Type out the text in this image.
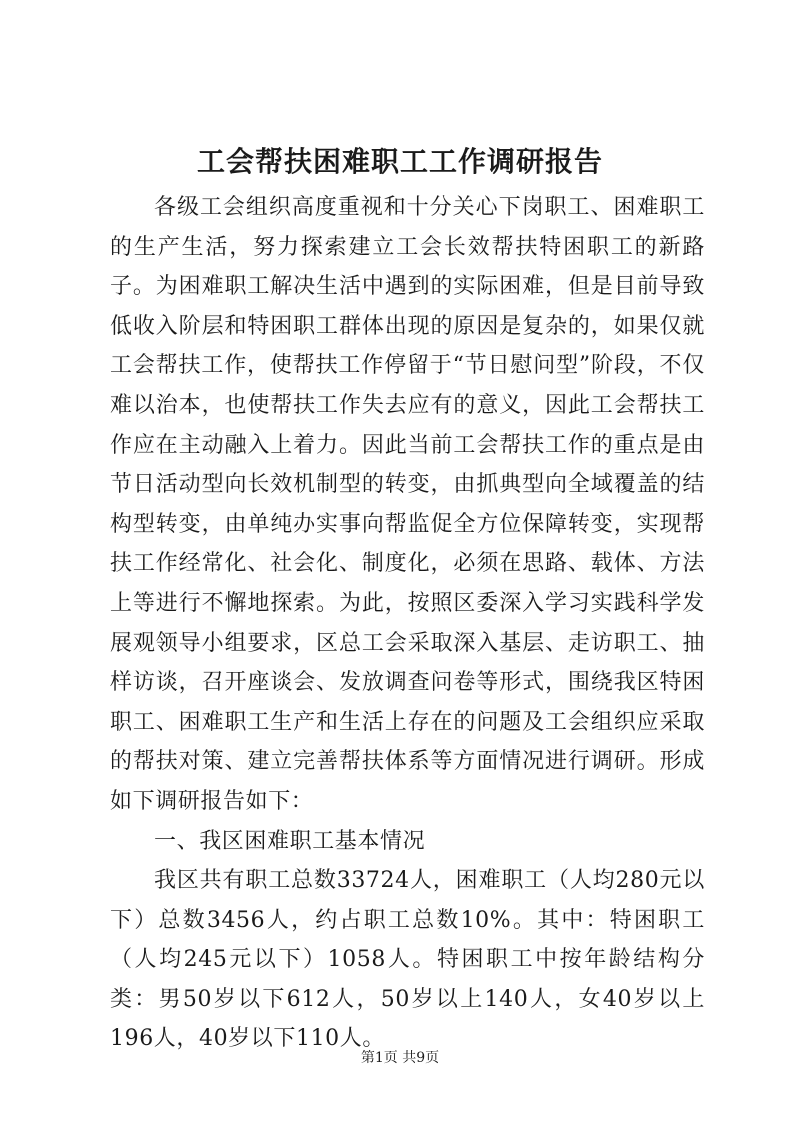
工会帮扶困难职工工作调研报告

各级工会组织高度重视和十分关心下岗职工、困难职工的生产生活，努力探索建立工会长效帮扶特困职工的新路子。为困难职工解决生活中遇到的实际困难，但是目前导致低收入阶层和特困职工群体出现的原因是复杂的，如果仅就工会帮扶工作，使帮扶工作停留于“节日慰问型”阶段，不仅难以治本，也使帮扶工作失去应有的意义，因此工会帮扶工作应在主动融入上着力。因此当前工会帮扶工作的重点是由节日活动型向长效机制型的转变，由抓典型向全域覆盖的结构型转变，由单纯办实事向帮监促全方位保障转变，实现帮扶工作经常化、社会化、制度化，必须在思路、载体、方法上等进行不懈地探索。为此，按照区委深入学习实践科学发展观领导小组要求，区总工会采取深入基层、走访职工、抽样访谈，召开座谈会、发放调查问卷等形式，围绕我区特困职工、困难职工生产和生活上存在的问题及工会组织应采取的帮扶对策、建立完善帮扶体系等方面情况进行调研。形成如下调研报告如下：

一、我区困难职工基本情况

我区共有职工总数33724人，困难职工（人均280元以下）总数3456人，约占职工总数10%。其中：特困职工（人均245元以下）1058人。特困职工中按年龄结构分类：男50岁以下612人，50岁以上140人，女40岁以上196人，40岁以下110人。

第1页 共9页
